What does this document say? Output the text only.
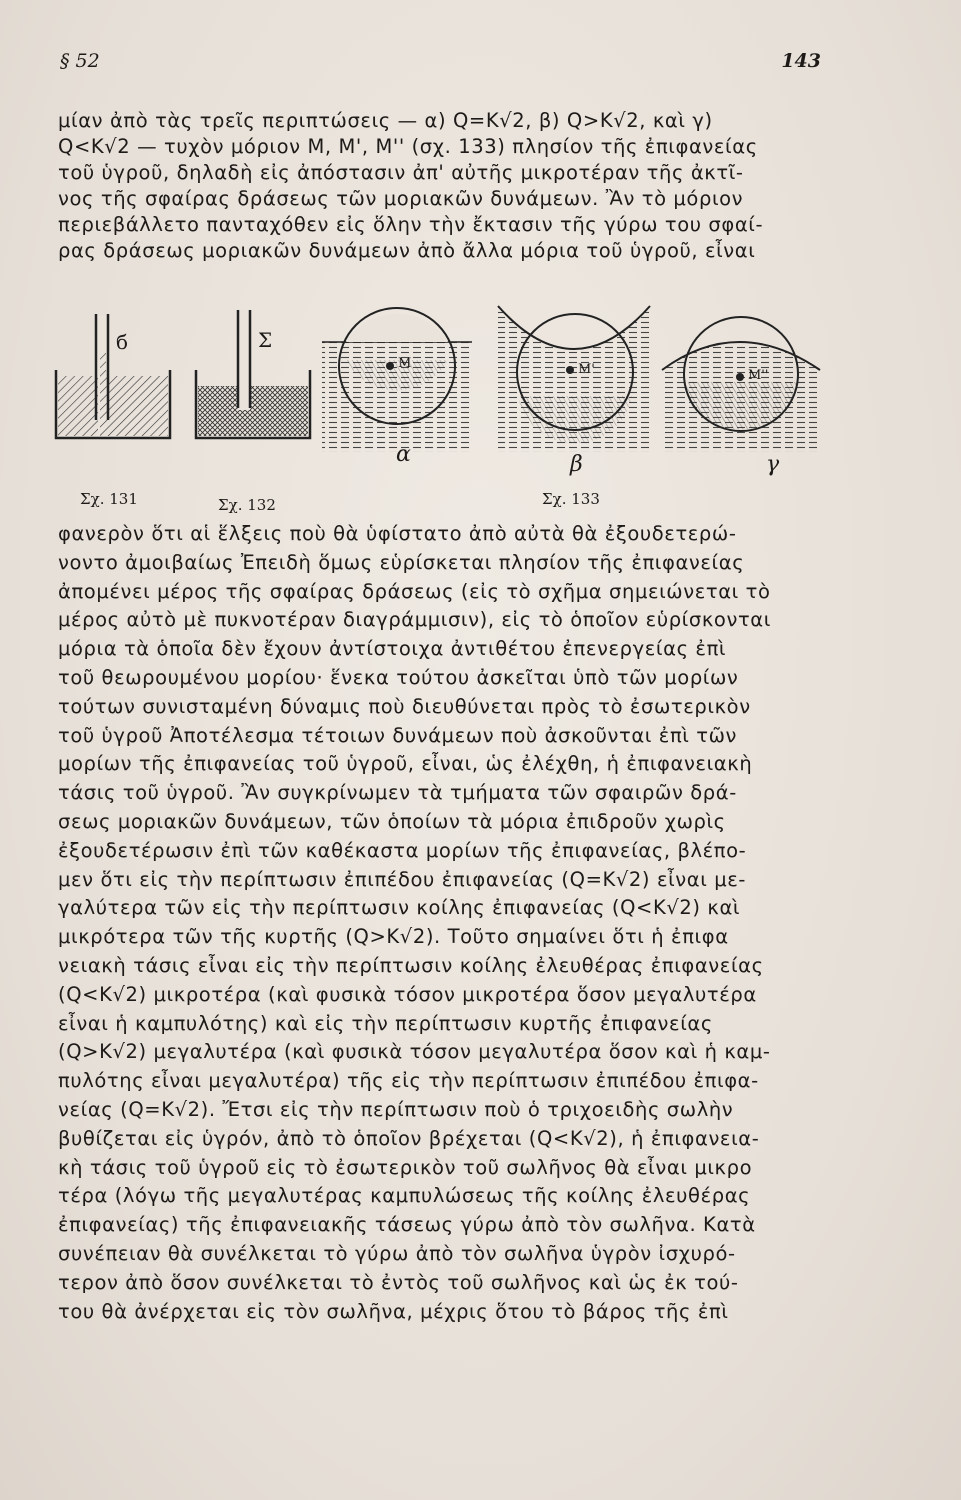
§ 52	143
μίαν ἀπὸ τὰς τρεῖς περιπτώσεις — α) Q=K√2, β) Q>K√2, καὶ γ)
Q<K√2 — τυχὸν μόριον M, M', M'' (σχ. 133) πλησίον τῆς ἐπιφανείας
τοῦ ὑγροῦ, δηλαδὴ εἰς ἀπόστασιν ἀπ' αὐτῆς μικροτέραν τῆς ἀκτῖ-
νος τῆς σφαίρας δράσεως τῶν μοριακῶν δυνάμεων. Ἂν τὸ μόριον
περιεβάλλετο πανταχόθεν εἰς ὅλην τὴν ἔκτασιν τῆς γύρω του σφαί-
ρας δράσεως μοριακῶν δυνάμεων ἀπὸ ἄλλα μόρια τοῦ ὑγροῦ, εἶναι
б	Σ
M	M'	M''
α	β	γ
Σχ. 131	Σχ. 132	Σχ. 133
φανερὸν ὅτι αἱ ἕλξεις ποὺ θὰ ὑφίστατο ἀπὸ αὐτὰ θὰ ἐξουδετερώ-
νοντο ἀμοιβαίως Ἐπειδὴ ὅμως εὑρίσκεται πλησίον τῆς ἐπιφανείας
ἀπομένει μέρος τῆς σφαίρας δράσεως (εἰς τὸ σχῆμα σημειώνεται τὸ
μέρος αὐτὸ μὲ πυκνοτέραν διαγράμμισιν), εἰς τὸ ὁποῖον εὑρίσκονται
μόρια τὰ ὁποῖα δὲν ἔχουν ἀντίστοιχα ἀντιθέτου ἐπενεργείας ἐπὶ
τοῦ θεωρουμένου μορίου· ἕνεκα τούτου ἀσκεῖται ὑπὸ τῶν μορίων
τούτων συνισταμένη δύναμις ποὺ διευθύνεται πρὸς τὸ ἐσωτερικὸν
τοῦ ὑγροῦ Ἀποτέλεσμα τέτοιων δυνάμεων ποὺ ἀσκοῦνται ἐπὶ τῶν
μορίων τῆς ἐπιφανείας τοῦ ὑγροῦ, εἶναι, ὡς ἐλέχθη, ἡ ἐπιφανειακὴ
τάσις τοῦ ὑγροῦ. Ἂν συγκρίνωμεν τὰ τμήματα τῶν σφαιρῶν δρά-
σεως μοριακῶν δυνάμεων, τῶν ὁποίων τὰ μόρια ἐπιδροῦν χωρὶς
ἐξουδετέρωσιν ἐπὶ τῶν καθέκαστα μορίων τῆς ἐπιφανείας, βλέπο-
μεν ὅτι εἰς τὴν περίπτωσιν ἐπιπέδου ἐπιφανείας (Q=K√2) εἶναι με-
γαλύτερα τῶν εἰς τὴν περίπτωσιν κοίλης ἐπιφανείας (Q<K√2) καὶ
μικρότερα τῶν τῆς κυρτῆς (Q>K√2). Τοῦτο σημαίνει ὅτι ἡ ἐπιφα
νειακὴ τάσις εἶναι εἰς τὴν περίπτωσιν κοίλης ἐλευθέρας ἐπιφανείας
(Q<K√2) μικροτέρα (καὶ φυσικὰ τόσον μικροτέρα ὅσον μεγαλυτέρα
εἶναι ἡ καμπυλότης) καὶ εἰς τὴν περίπτωσιν κυρτῆς ἐπιφανείας
(Q>K√2) μεγαλυτέρα (καὶ φυσικὰ τόσον μεγαλυτέρα ὅσον καὶ ἡ καμ-
πυλότης εἶναι μεγαλυτέρα) τῆς εἰς τὴν περίπτωσιν ἐπιπέδου ἐπιφα-
νείας (Q=K√2). Ἔτσι εἰς τὴν περίπτωσιν ποὺ ὁ τριχοειδὴς σωλὴν
βυθίζεται εἰς ὑγρόν, ἀπὸ τὸ ὁποῖον βρέχεται (Q<K√2), ἡ ἐπιφανεια-
κὴ τάσις τοῦ ὑγροῦ εἰς τὸ ἐσωτερικὸν τοῦ σωλῆνος θὰ εἶναι μικρο
τέρα (λόγω τῆς μεγαλυτέρας καμπυλώσεως τῆς κοίλης ἐλευθέρας
ἐπιφανείας) τῆς ἐπιφανειακῆς τάσεως γύρω ἀπὸ τὸν σωλῆνα. Κατὰ
συνέπειαν θὰ συνέλκεται τὸ γύρω ἀπὸ τὸν σωλῆνα ὑγρὸν ἰσχυρό-
τερον ἀπὸ ὅσον συνέλκεται τὸ ἐντὸς τοῦ σωλῆνος καὶ ὡς ἐκ τού-
του θὰ ἀνέρχεται εἰς τὸν σωλῆνα, μέχρις ὅτου τὸ βάρος τῆς ἐπὶ
